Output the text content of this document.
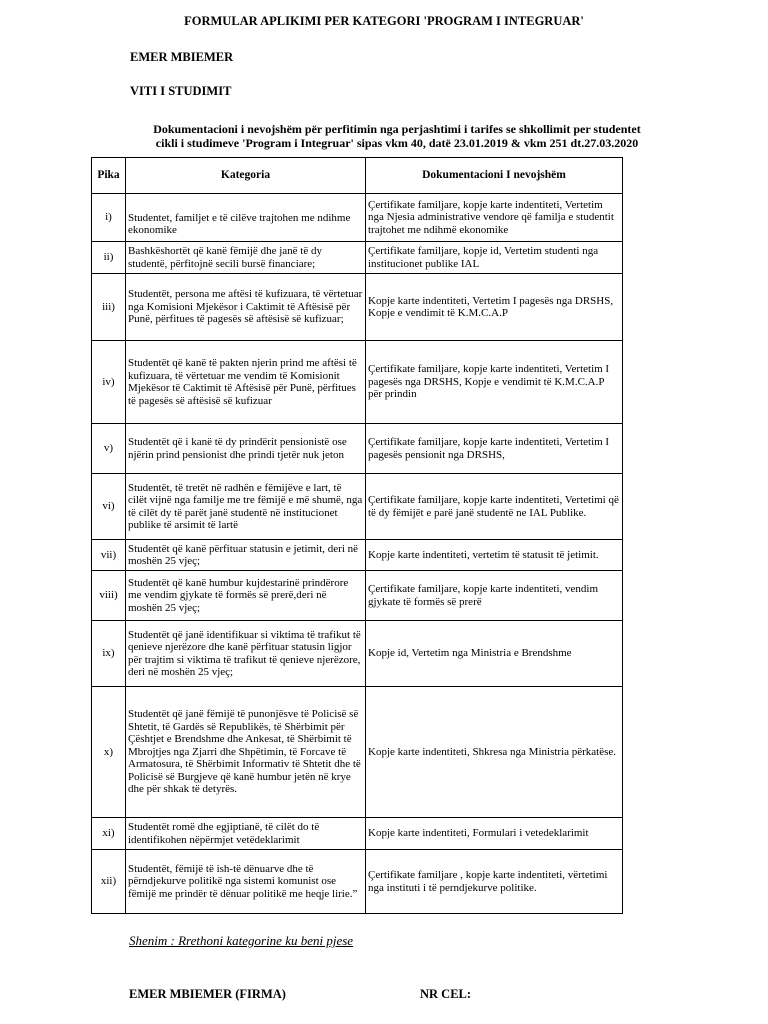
FORMULAR APLIKIMI PER KATEGORI 'PROGRAM I INTEGRUAR'
EMER MBIEMER
VITI I STUDIMIT
Dokumentacioni i nevojshëm për perfitimin nga perjashtimi i tarifes se shkollimit per studentet
cikli i studimeve 'Program i Integruar' sipas vkm 40, datë 23.01.2019 & vkm 251 dt.27.03.2020
Pika	Kategoria	Dokumentacioni I nevojshëm
i)	Studentet, familjet e të cilëve trajtohen me ndihme ekonomike	Çertifikate familjare, kopje karte indentiteti, Vertetim nga Njesia administrative vendore që familja e studentit trajtohet me ndihmë ekonomike
ii)	Bashkëshortët që kanë fëmijë dhe janë të dy studentë, përfitojnë secili bursë financiare;	Çertifikate familjare, kopje id, Vertetim studenti nga institucionet publike IAL
iii)	Studentët, persona me aftësi të kufizuara, të vërtetuar nga Komisioni Mjekësor i Caktimit të Aftësisë për Punë, përfitues të pagesës së aftësisë së kufizuar;	Kopje karte indentiteti, Vertetim I pagesës nga DRSHS, Kopje e vendimit të K.M.C.A.P
iv)	Studentët që kanë të pakten njerin prind me aftësi të kufizuara, të vërtetuar me vendim të Komisionit Mjekësor të Caktimit të Aftësisë për Punë, përfitues të pagesës së aftësisë së kufizuar	Çertifikate familjare, kopje karte indentiteti, Vertetim I pagesës nga DRSHS, Kopje e vendimit të K.M.C.A.P për prindin
v)	Studentët që i kanë të dy prindërit pensionistë ose njërin prind pensionist dhe prindi tjetër nuk jeton	Çertifikate familjare, kopje karte indentiteti, Vertetim I pagesës pensionit nga DRSHS,
vi)	Studentët, të tretët në radhën e fëmijëve e lart, të cilët vijnë nga familje me tre fëmijë e më shumë, nga të cilët dy të parët janë studentë në institucionet publike të arsimit të lartë	Çertifikate familjare, kopje karte indentiteti, Vertetimi që të dy fëmijët e parë janë studentë ne IAL Publike.
vii)	Studentët që kanë përfituar statusin e jetimit, deri në moshën 25 vjeç;	Kopje karte indentiteti, vertetim të statusit të jetimit.
viii)	Studentët që kanë humbur kujdestarinë prindërore me vendim gjykate të formës së prerë,deri në moshën 25 vjeç;	Çertifikate familjare, kopje karte indentiteti, vendim gjykate të formës së prerë
ix)	Studentët që janë identifikuar si viktima të trafikut të qenieve njerëzore dhe kanë përfituar statusin ligjor për trajtim si viktima të trafikut të qenieve njerëzore, deri në moshën 25 vjeç;	Kopje id, Vertetim nga Ministria e Brendshme
x)	Studentët që janë fëmijë të punonjësve të Policisë së Shtetit, të Gardës së Republikës, të Shërbimit për Çështjet e Brendshme dhe Ankesat, të Shërbimit të Mbrojtjes nga Zjarri dhe Shpëtimin, të Forcave të Armatosura, të Shërbimit Informativ të Shtetit dhe të Policisë së Burgjeve që kanë humbur jetën në krye dhe për shkak të detyrës.	Kopje karte indentiteti, Shkresa nga Ministria përkatëse.
xi)	Studentët romë dhe egjiptianë, të cilët do të identifikohen nëpërmjet vetëdeklarimit	Kopje karte indentiteti, Formulari i vetedeklarimit
xii)	Studentët, fëmijë të ish-të dënuarve dhe të përndjekurve politikë nga sistemi komunist ose fëmijë me prindër të dënuar politikë me heqje lirie.”	Çertifikate familjare , kopje karte indentiteti, vërtetimi nga instituti i të perndjekurve politike.
Shenim : Rrethoni kategorine ku beni pjese
EMER MBIEMER (FIRMA)	NR CEL:
